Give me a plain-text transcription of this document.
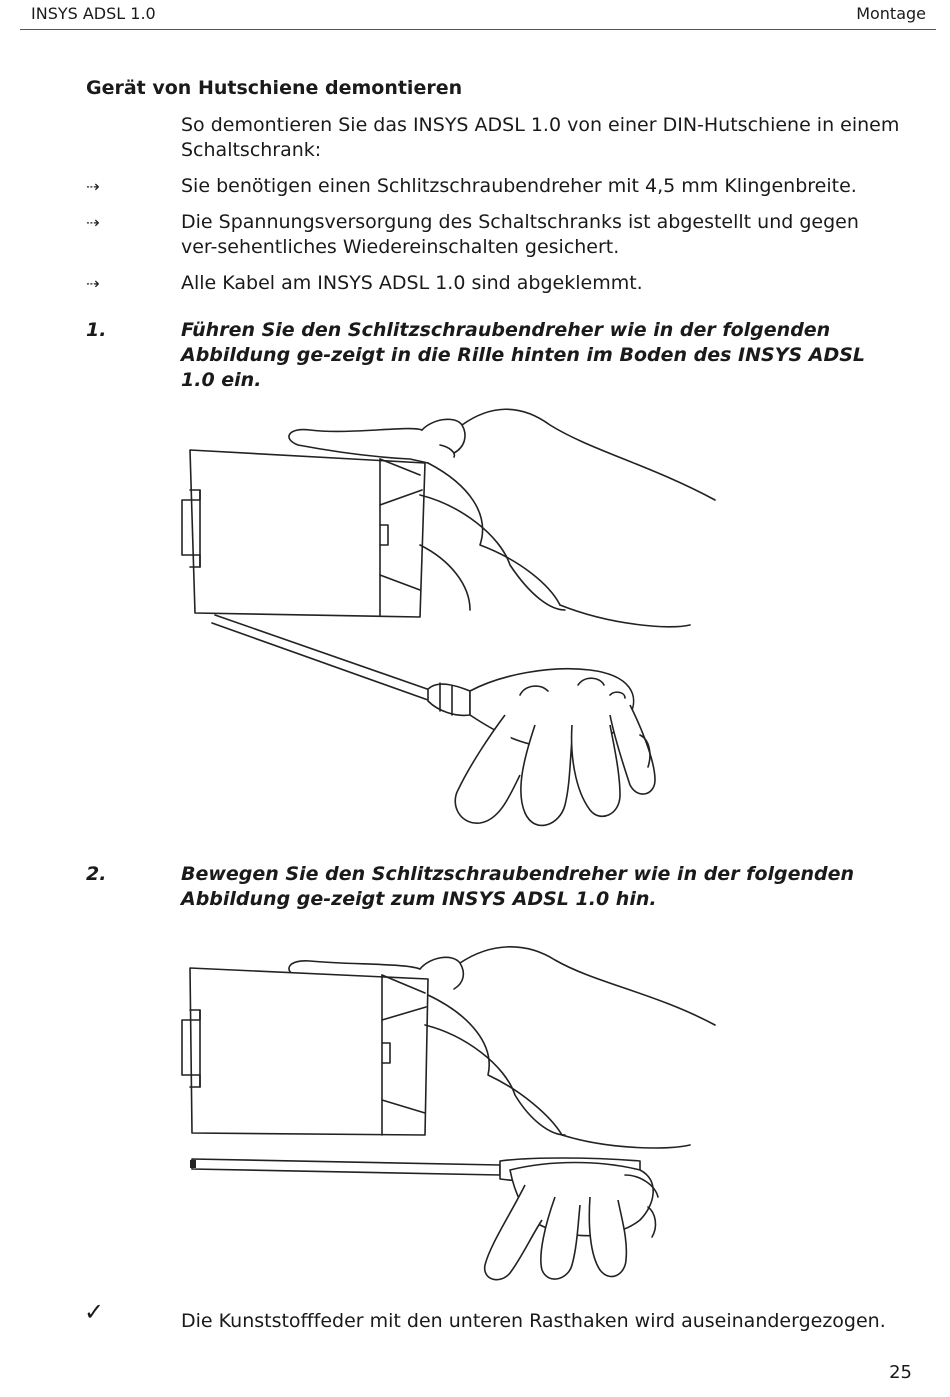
INSYS ADSL 1.0	Montage
Gerät von Hutschiene demontieren
So demontieren Sie das INSYS ADSL 1.0 von einer DIN-Hutschiene in einem Schaltschrank:
⇢	Sie benötigen einen Schlitzschraubendreher mit 4,5 mm Klingenbreite.
⇢	Die Spannungsversorgung des Schaltschranks ist abgestellt und gegen ver-sehentliches Wiedereinschalten gesichert.
⇢	Alle Kabel am INSYS ADSL 1.0 sind abgeklemmt.
1.	Führen Sie den Schlitzschraubendreher wie in der folgenden Abbildung ge-zeigt in die Rille hinten im Boden des INSYS ADSL 1.0 ein.
2.	Bewegen Sie den Schlitzschraubendreher wie in der folgenden Abbildung ge-zeigt zum INSYS ADSL 1.0 hin.
✓	Die Kunststofffeder mit den unteren Rasthaken wird auseinandergezogen.
25
